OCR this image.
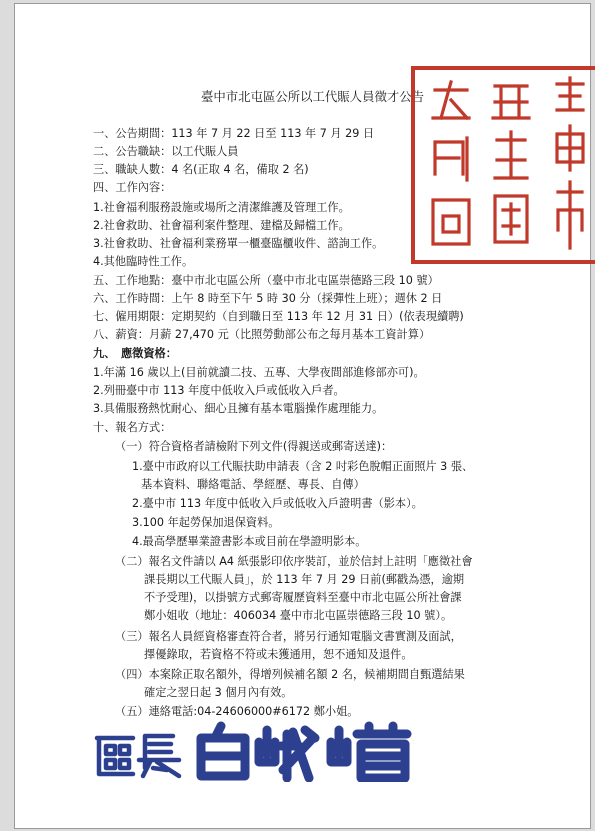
臺中市北屯區公所以工代賑人員徵才公告
一、公告期間：113 年 7 月 22 日至 113 年 7 月 29 日
二、公告職缺：以工代賑人員
三、職缺人數：4 名(正取 4 名，備取 2 名)
四、工作內容：
1.社會福利服務設施或場所之清潔維護及管理工作。
2.社會救助、社會福利案件整理、建檔及歸檔工作。
3.社會救助、社會福利業務單一櫃臺臨櫃收件、諮詢工作。
4.其他臨時性工作。
五、工作地點：臺中市北屯區公所（臺中市北屯區崇德路三段 10 號）
六、工作時間：上午 8 時至下午 5 時 30 分（採彈性上班）；週休 2 日
七、僱用期限：定期契約（自到職日至 113 年 12 月 31 日）(依表現續聘)
八、薪資：月薪 27,470 元（比照勞動部公布之每月基本工資計算）
九、　應徵資格：
1.年滿 16 歲以上(目前就讀二技、五專、大學夜間部進修部亦可)。
2.列冊臺中市 113 年度中低收入戶或低收入戶者。
3.具備服務熱忱耐心、細心且擁有基本電腦操作處理能力。
十、報名方式：
（一）符合資格者請檢附下列文件(得親送或郵寄送達)：
1.臺中市政府以工代賑扶助申請表（含 2 吋彩色脫帽正面照片 3 張、
基本資料、聯絡電話、學經歷、專長、自傳）
2.臺中市 113 年度中低收入戶或低收入戶證明書（影本）。
3.100 年起勞保加退保資料。
4.最高學歷畢業證書影本或目前在學證明影本。
（二）報名文件請以 A4 紙張影印依序裝訂，並於信封上註明「應徵社會
課長期以工代賑人員」，於 113 年 7 月 29 日前(郵戳為憑，逾期
不予受理)，以掛號方式郵寄履歷資料至臺中市北屯區公所社會課
鄭小姐收（地址：406034 臺中市北屯區崇德路三段 10 號）。
（三）報名人員經資格審查符合者，將另行通知電腦文書實測及面試，
擇優錄取，若資格不符或未獲通用，恕不通知及退件。
（四）本案除正取名額外，得增列候補名額 2 名，候補期間自甄選結果
確定之翌日起 3 個月內有效。
（五）連絡電話:04-24606000#6172 鄭小姐。
